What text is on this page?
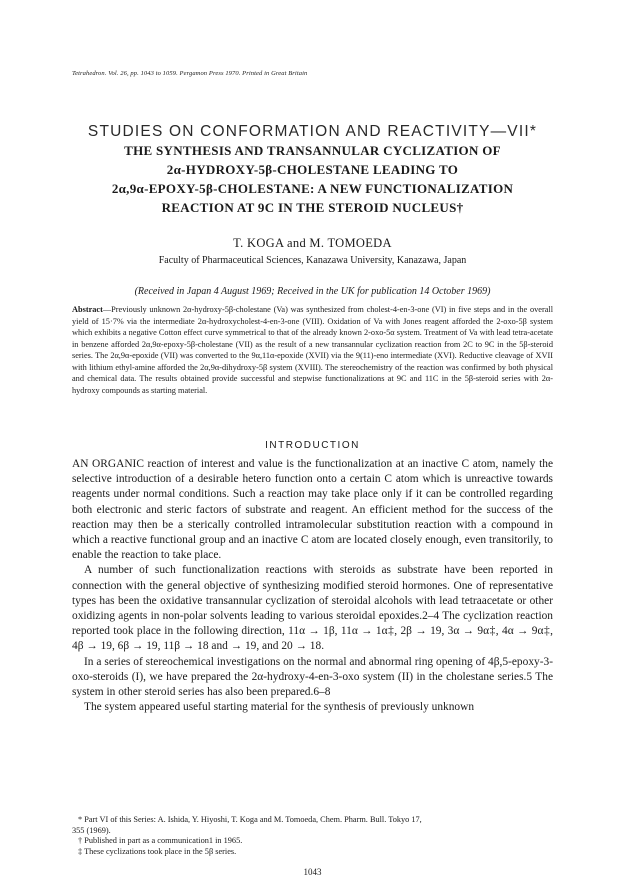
Tetrahedron. Vol. 26, pp. 1043 to 1059. Pergamon Press 1970. Printed in Great Britain
STUDIES ON CONFORMATION AND REACTIVITY—VII*
THE SYNTHESIS AND TRANSANNULAR CYCLIZATION OF
2α-HYDROXY-5β-CHOLESTANE LEADING TO
2α,9α-EPOXY-5β-CHOLESTANE: A NEW FUNCTIONALIZATION
REACTION AT 9C IN THE STEROID NUCLEUS†
T. KOGA and M. TOMOEDA
Faculty of Pharmaceutical Sciences, Kanazawa University, Kanazawa, Japan
(Received in Japan 4 August 1969; Received in the UK for publication 14 October 1969)
Abstract—Previously unknown 2α-hydroxy-5β-cholestane (Va) was synthesized from cholest-4-en-3-one (VI) in five steps and in the overall yield of 15·7% via the intermediate 2α-hydroxycholest-4-en-3-one (VIII). Oxidation of Va with Jones reagent afforded the 2-oxo-5β system which exhibits a negative Cotton effect curve symmetrical to that of the already known 2-oxo-5α system. Treatment of Va with lead tetra-acetate in benzene afforded 2α,9α-epoxy-5β-cholestane (VII) as the result of a new transannular cyclization reaction from 2C to 9C in the 5β-steroid series. The 2α,9α-epoxide (VII) was converted to the 9α,11α-epoxide (XVII) via the 9(11)-eno intermediate (XVI). Reductive cleavage of XVII with lithium ethyl-amine afforded the 2α,9α-dihydroxy-5β system (XVIII). The stereochemistry of the reaction was confirmed by both physical and chemical data. The results obtained provide successful and stepwise functionalizations at 9C and 11C in the 5β-steroid series with 2α-hydroxy compounds as starting material.
INTRODUCTION

AN ORGANIC reaction of interest and value is the functionalization at an inactive C atom, namely the selective introduction of a desirable hetero function onto a certain C atom which is unreactive towards reagents under normal conditions. Such a reaction may take place only if it can be controlled regarding both electronic and steric factors of substrate and reagent. An efficient method for the success of the reaction may then be a sterically controlled intramolecular substitution reaction with a compound in which a reactive functional group and an inactive C atom are located closely enough, even transitorily, to enable the reaction to take place.

A number of such functionalization reactions with steroids as substrate have been reported in connection with the general objective of synthesizing modified steroid hormones. One of representative types has been the oxidative transannular cyclization of steroidal alcohols with lead tetraacetate or other oxidizing agents in non-polar solvents leading to various steroidal epoxides.2–4 The cyclization reaction reported took place in the following direction, 11α → 1β, 11α → 1α‡, 2β → 19, 3α → 9α‡, 4α → 9α‡, 4β → 19, 6β → 19, 11β → 18 and → 19, and 20 → 18.

In a series of stereochemical investigations on the normal and abnormal ring opening of 4β,5-epoxy-3-oxo-steroids (I), we have prepared the 2α-hydroxy-4-en-3-oxo system (II) in the cholestane series.5 The system in other steroid series has also been prepared.6–8

The system appeared useful starting material for the synthesis of previously unknown

* Part VI of this Series: A. Ishida, Y. Hiyoshi, T. Koga and M. Tomoeda, Chem. Pharm. Bull. Tokyo 17,
355 (1969).
† Published in part as a communication1 in 1965.
‡ These cyclizations took place in the 5β series.
1043
